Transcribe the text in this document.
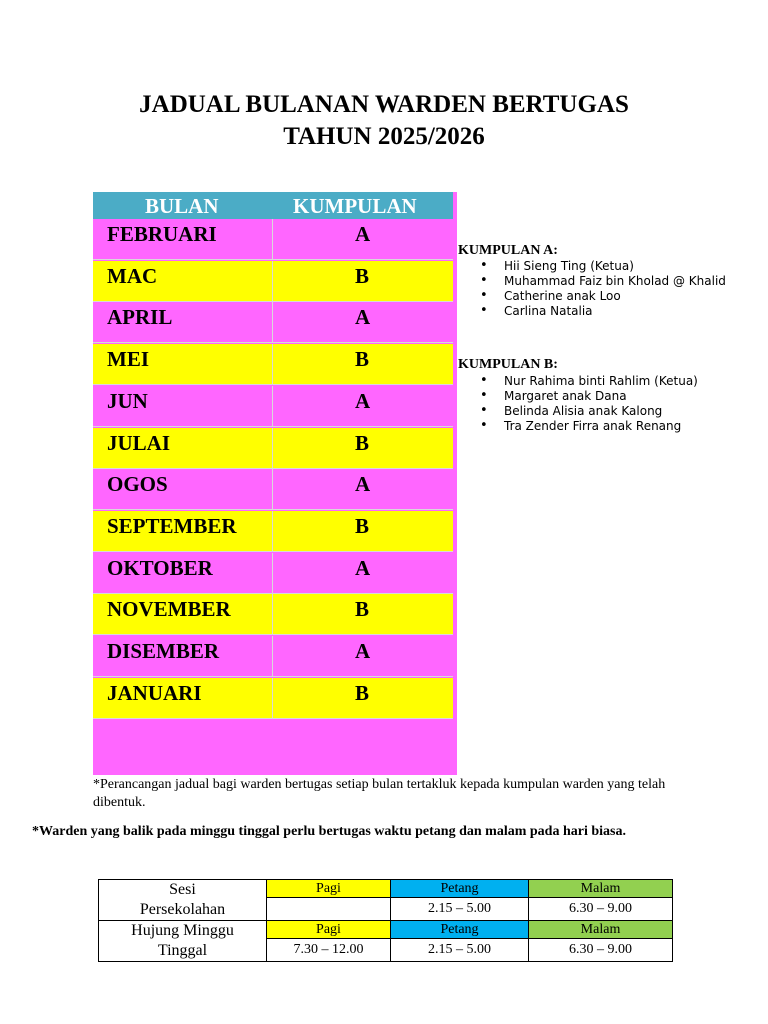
JADUAL BULANAN WARDEN BERTUGAS
TAHUN 2025/2026
BULAN	KUMPULAN
FEBRUARI	A
MAC	B
APRIL	A
MEI	B
JUN	A
JULAI	B
OGOS	A
SEPTEMBER	B
OKTOBER	A
NOVEMBER	B
DISEMBER	A
JANUARI	B
KUMPULAN A:
• Hii Sieng Ting (Ketua)
• Muhammad Faiz bin Kholad @ Khalid
• Catherine anak Loo
• Carlina Natalia
KUMPULAN B:
• Nur Rahima binti Rahlim (Ketua)
• Margaret anak Dana
• Belinda Alisia anak Kalong
• Tra Zender Firra anak Renang
*Perancangan jadual bagi warden bertugas setiap bulan tertakluk kepada kumpulan warden yang telah dibentuk.
*Warden yang balik pada minggu tinggal perlu bertugas waktu petang dan malam pada hari biasa.
Sesi Persekolahan	Pagi	Petang	Malam
		2.15 – 5.00	6.30 – 9.00
Hujung Minggu Tinggal	Pagi	Petang	Malam
	7.30 – 12.00	2.15 – 5.00	6.30 – 9.00
